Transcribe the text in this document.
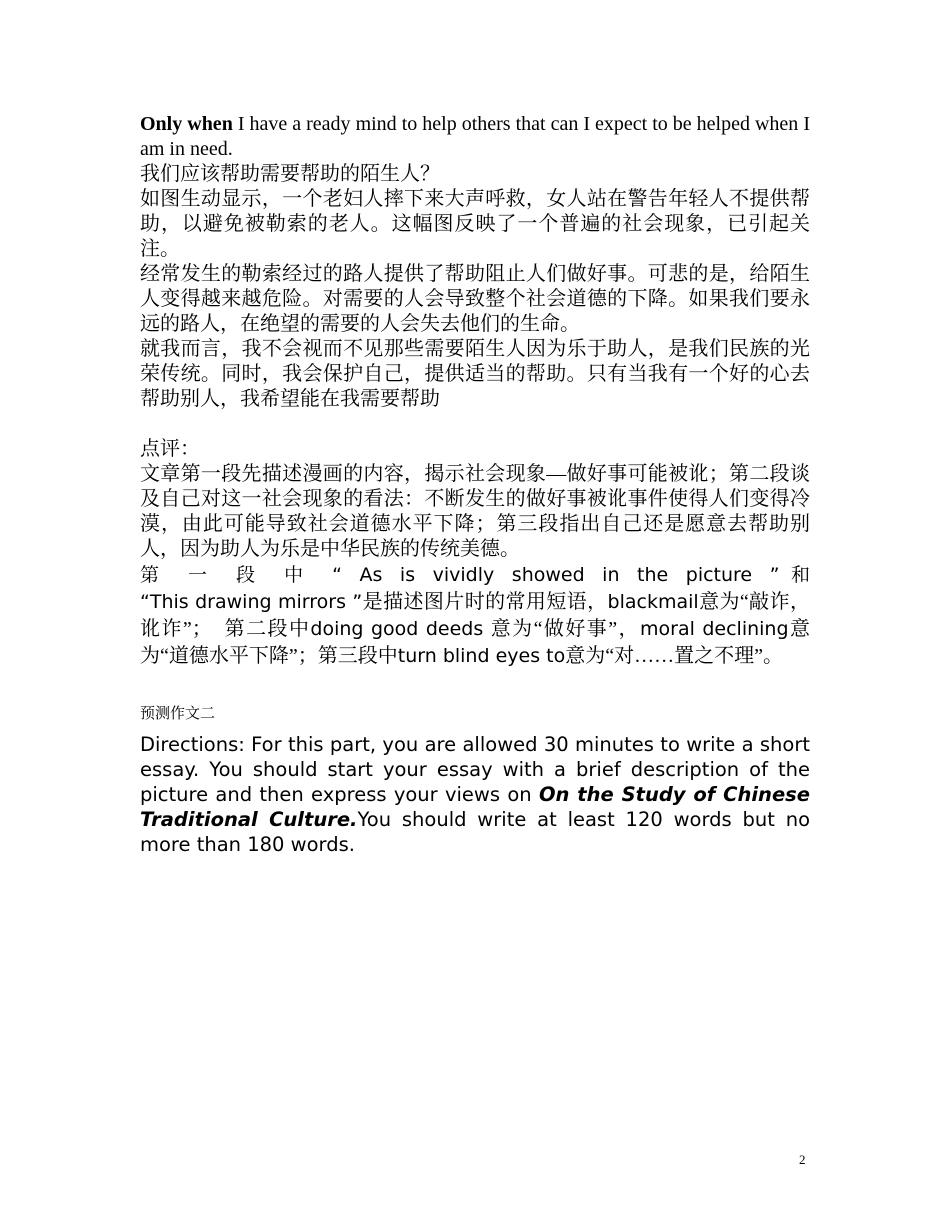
Only when I have a ready mind to help others that can I expect to be helped when I am in need.

我们应该帮助需要帮助的陌生人？

如图生动显示，一个老妇人摔下来大声呼救，女人站在警告年轻人不提供帮助，以避免被勒索的老人。这幅图反映了一个普遍的社会现象，已引起关注。

经常发生的勒索经过的路人提供了帮助阻止人们做好事。可悲的是，给陌生人变得越来越危险。对需要的人会导致整个社会道德的下降。如果我们要永远的路人，在绝望的需要的人会失去他们的生命。

就我而言，我不会视而不见那些需要陌生人因为乐于助人，是我们民族的光荣传统。同时，我会保护自己，提供适当的帮助。只有当我有一个好的心去帮助别人，我希望能在我需要帮助

点评：

文章第一段先描述漫画的内容，揭示社会现象—做好事可能被讹；第二段谈及自己对这一社会现象的看法：不断发生的做好事被讹事件使得人们变得冷漠，由此可能导致社会道德水平下降；第三段指出自己还是愿意去帮助别人，因为助人为乐是中华民族的传统美德。

第 一 段 中 “ As is vividly showed in the picture ”和
“This drawing mirrors ”是描述图片时的常用短语，blackmail意为“敲诈，讹诈”；　第二段中doing good deeds 意为“做好事”，moral declining意为“道德水平下降”；第三段中turn blind eyes to意为“对……置之不理”。

预测作文二

Directions: For this part, you are allowed 30 minutes to write a short essay. You should start your essay with a brief description of the picture and then express your views on On the Study of Chinese Traditional Culture.You should write at least 120 words but no more than 180 words.

2
